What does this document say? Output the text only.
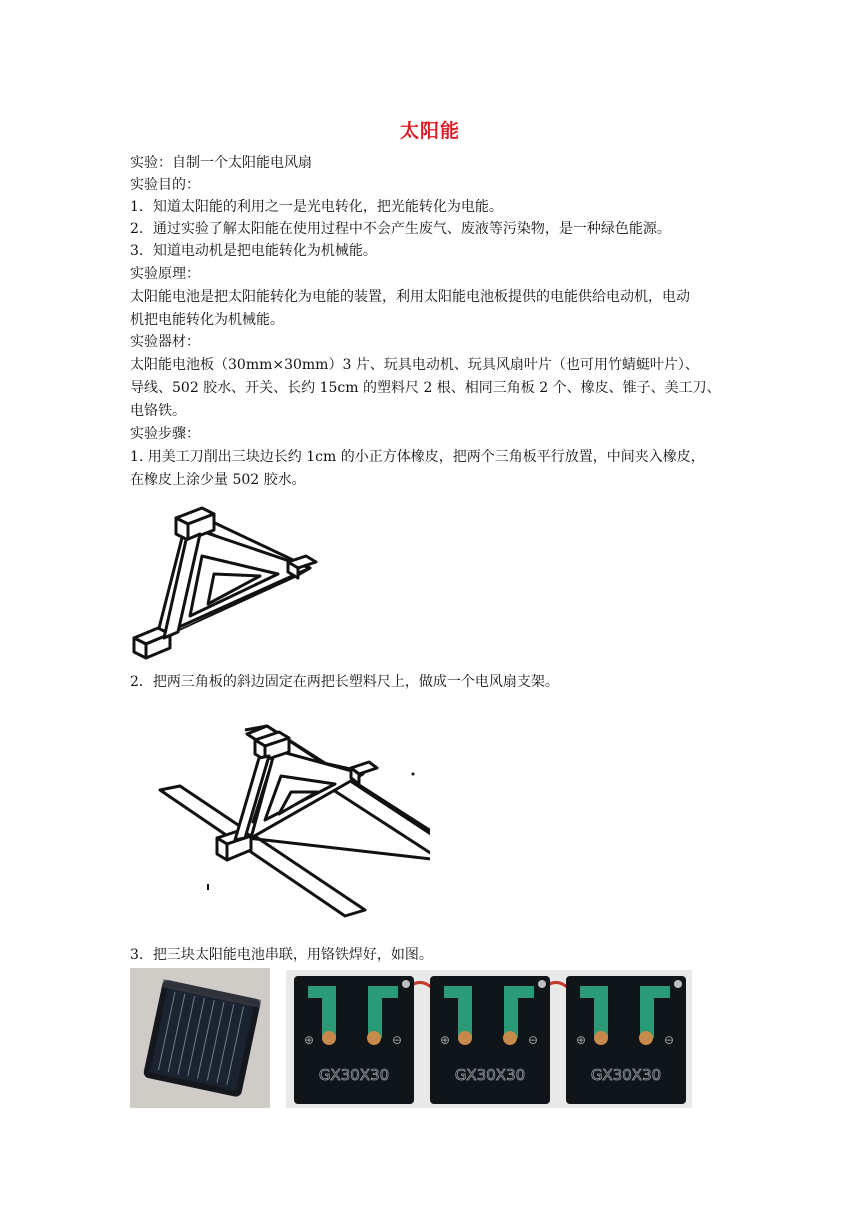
太阳能
实验：自制一个太阳能电风扇
实验目的：
1．知道太阳能的利用之一是光电转化，把光能转化为电能。
2．通过实验了解太阳能在使用过程中不会产生废气、废液等污染物，是一种绿色能源。
3．知道电动机是把电能转化为机械能。
实验原理：
太阳能电池是把太阳能转化为电能的装置，利用太阳能电池板提供的电能供给电动机，电动
机把电能转化为机械能。
实验器材：
太阳能电池板（30mm×30mm）3 片、玩具电动机、玩具风扇叶片（也可用竹蜻蜓叶片）、
导线、502 胶水、开关、长约 15cm 的塑料尺 2 根、相同三角板 2 个、橡皮、锥子、美工刀、
电铬铁。
实验步骤：
1. 用美工刀削出三块边长约 1cm 的小正方体橡皮，把两个三角板平行放置，中间夹入橡皮，
在橡皮上涂少量 502 胶水。
2．把两三角板的斜边固定在两把长塑料尺上，做成一个电风扇支架。
3．把三块太阳能电池串联，用铬铁焊好，如图。
⊕	⊖
GX30X30
⊕	⊖
GX30X30
⊕	⊖
GX30X30
